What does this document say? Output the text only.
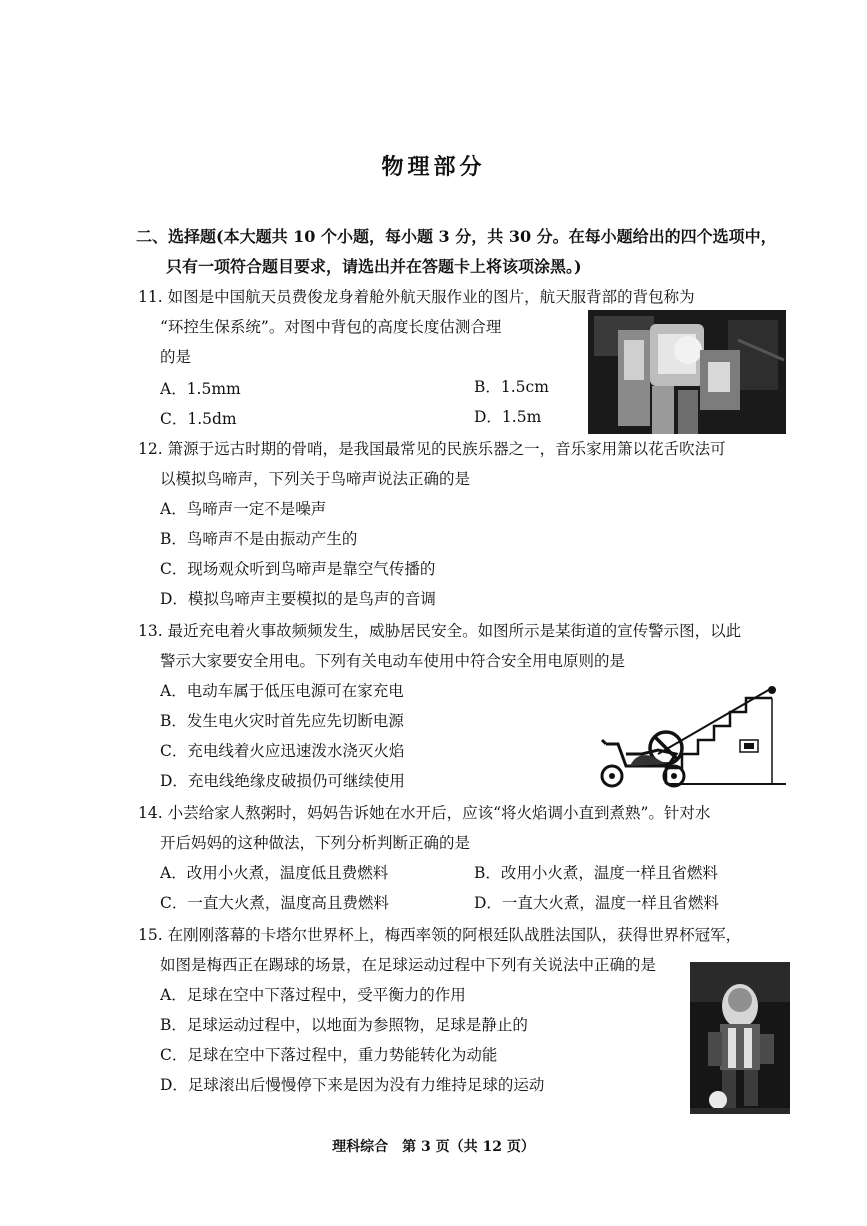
物理部分
二、选择题(本大题共 10 个小题，每小题 3 分，共 30 分。在每小题给出的四个选项中，
只有一项符合题目要求，请选出并在答题卡上将该项涂黑。)
11. 如图是中国航天员费俊龙身着舱外航天服作业的图片，航天服背部的背包称为
“环控生保系统”。对图中背包的高度长度估测合理
的是
A．1.5mm	B．1.5cm
C．1.5dm	D．1.5m
12. 箫源于远古时期的骨哨，是我国最常见的民族乐器之一，音乐家用箫以花舌吹法可
以模拟鸟啼声，下列关于鸟啼声说法正确的是
A．鸟啼声一定不是噪声
B．鸟啼声不是由振动产生的
C．现场观众听到鸟啼声是靠空气传播的
D．模拟鸟啼声主要模拟的是鸟声的音调
13. 最近充电着火事故频频发生，威胁居民安全。如图所示是某街道的宣传警示图，以此
警示大家要安全用电。下列有关电动车使用中符合安全用电原则的是
A．电动车属于低压电源可在家充电
B．发生电火灾时首先应先切断电源
C．充电线着火应迅速泼水浇灭火焰
D．充电线绝缘皮破损仍可继续使用
14. 小芸给家人熬粥时，妈妈告诉她在水开后，应该“将火焰调小直到煮熟”。针对水
开后妈妈的这种做法，下列分析判断正确的是
A．改用小火煮，温度低且费燃料	B．改用小火煮，温度一样且省燃料
C．一直大火煮，温度高且费燃料	D．一直大火煮，温度一样且省燃料
15. 在刚刚落幕的卡塔尔世界杯上，梅西率领的阿根廷队战胜法国队，获得世界杯冠军，
如图是梅西正在踢球的场景，在足球运动过程中下列有关说法中正确的是
A．足球在空中下落过程中，受平衡力的作用
B．足球运动过程中，以地面为参照物，足球是静止的
C．足球在空中下落过程中，重力势能转化为动能
D．足球滚出后慢慢停下来是因为没有力维持足球的运动
理科综合　第 3 页（共 12 页）
